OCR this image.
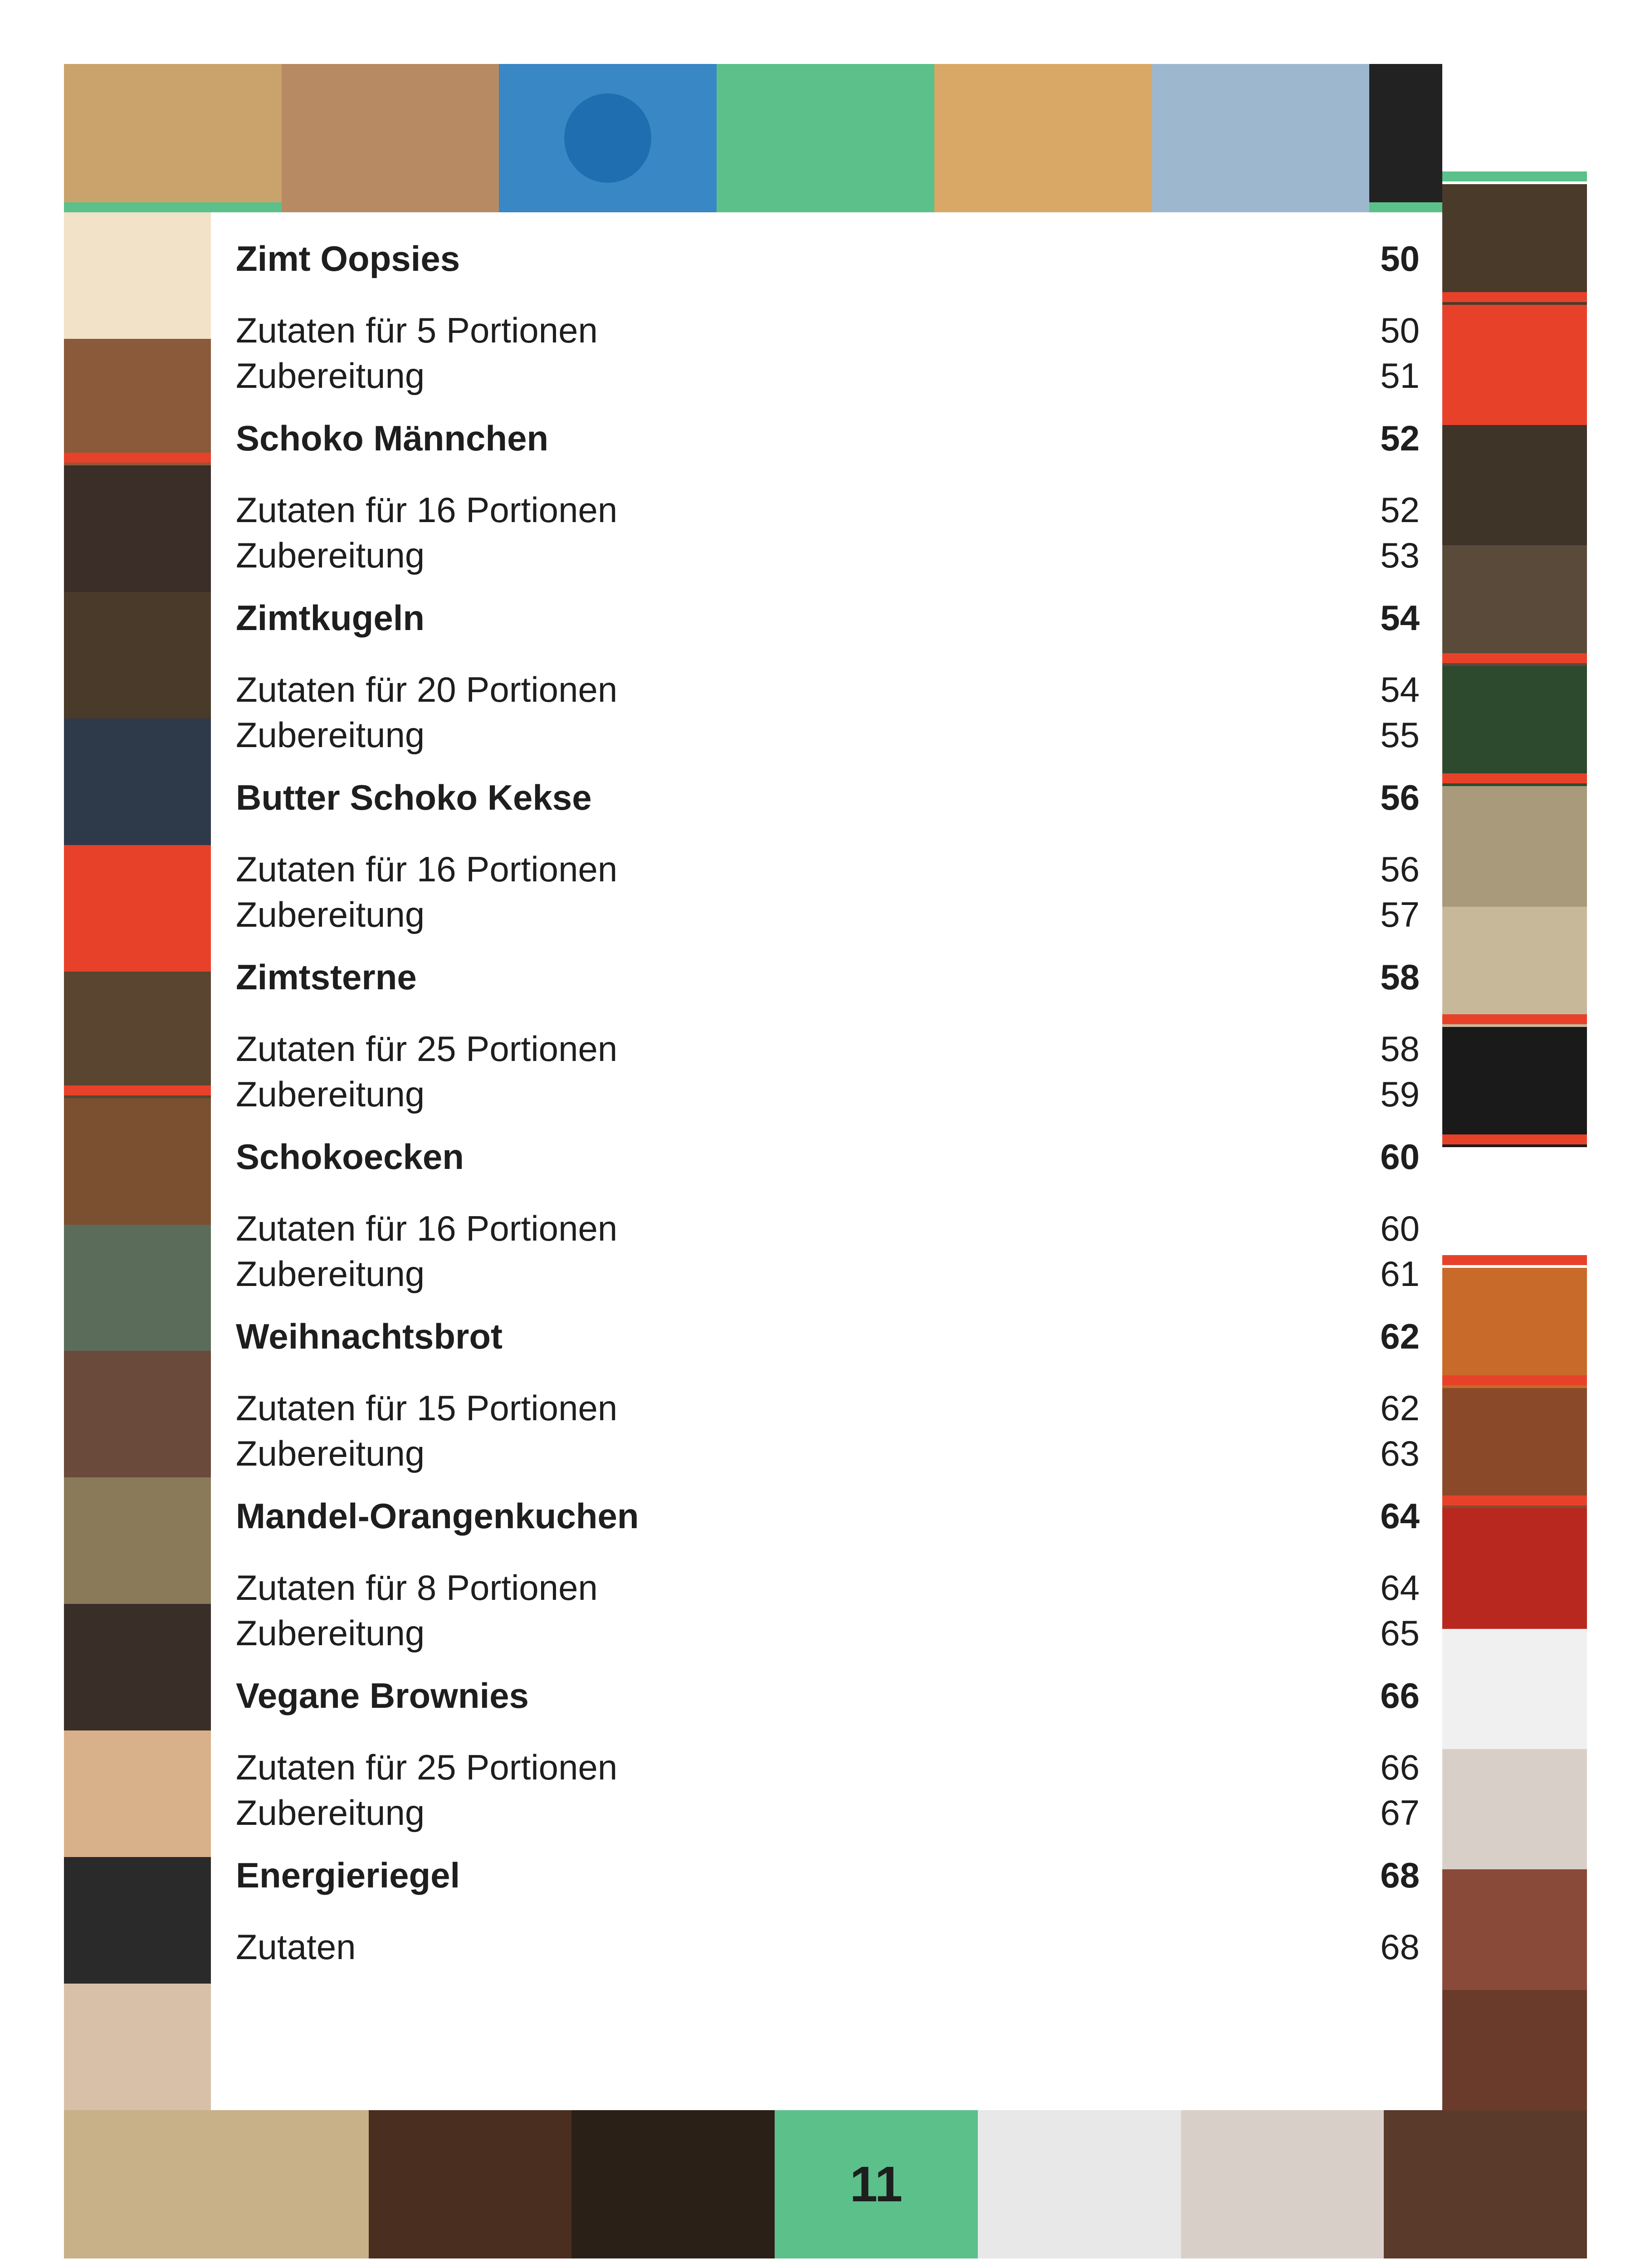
11
Zimt Oopsies	50
Zutaten für 5 Portionen	50
Zubereitung	51
Schoko Männchen	52
Zutaten für 16 Portionen	52
Zubereitung	53
Zimtkugeln	54
Zutaten für 20 Portionen	54
Zubereitung	55
Butter Schoko Kekse	56
Zutaten für 16 Portionen	56
Zubereitung	57
Zimtsterne	58
Zutaten für 25 Portionen	58
Zubereitung	59
Schokoecken	60
Zutaten für 16 Portionen	60
Zubereitung	61
Weihnachtsbrot	62
Zutaten für 15 Portionen	62
Zubereitung	63
Mandel-Orangenkuchen	64
Zutaten für 8 Portionen	64
Zubereitung	65
Vegane Brownies	66
Zutaten für 25 Portionen	66
Zubereitung	67
Energieriegel	68
Zutaten	68
